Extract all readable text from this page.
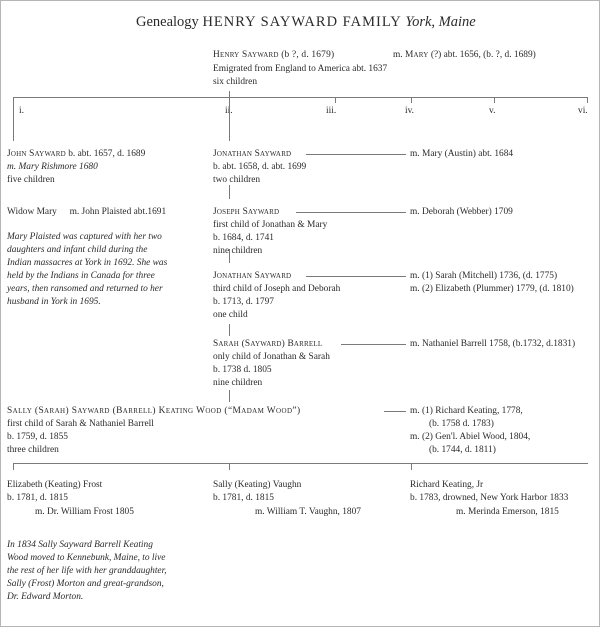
Genealogy HENRY SAYWARD FAMILY York, Maine
Henry Sayward (b ?, d. 1679)	m. Mary (?) abt. 1656, (b. ?, d. 1689)
Emigrated from England to America abt. 1637
six children
i.	ii.	iii.	iv.	v.	vi.
John Sayward b. abt. 1657, d. 1689
m. Mary Rishmore 1680
five children
Widow Mary m. John Plaisted abt.1691
Mary Plaisted was captured with her two
daughters and infant child during the
Indian massacres at York in 1692. She was
held by the Indians in Canada for three
years, then ransomed and returned to her
husband in York in 1695.
Jonathan Sayward	m. Mary (Austin) abt. 1684
b. abt. 1658, d. abt. 1699
two children
Joseph Sayward	m. Deborah (Webber) 1709
first child of Jonathan & Mary
b. 1684, d. 1741
nine children
Jonathan Sayward	m. (1) Sarah (Mitchell) 1736, (d. 1775)
m. (2) Elizabeth (Plummer) 1779, (d. 1810)
third child of Joseph and Deborah
b. 1713, d. 1797
one child
Sarah (Sayward) Barrell	m. Nathaniel Barrell 1758, (b.1732, d.1831)
only child of Jonathan & Sarah
b. 1738 d. 1805
nine children
Sally (Sarah) Sayward (Barrell) Keating Wood (“Madam Wood”)	m. (1) Richard Keating, 1778,
(b. 1758 d. 1783)
m. (2) Gen'l. Abiel Wood, 1804,
(b. 1744, d. 1811)
first child of Sarah & Nathaniel Barrell
b. 1759, d. 1855
three children
Elizabeth (Keating) Frost
b. 1781, d. 1815
m. Dr. William Frost 1805
Sally (Keating) Vaughn
b. 1781, d. 1815
m. William T. Vaughn, 1807
Richard Keating, Jr
b. 1783, drowned, New York Harbor 1833
m. Merinda Emerson, 1815
In 1834 Sally Sayward Barrell Keating
Wood moved to Kennebunk, Maine, to live
the rest of her life with her granddaughter,
Sally (Frost) Morton and great-grandson,
Dr. Edward Morton.
